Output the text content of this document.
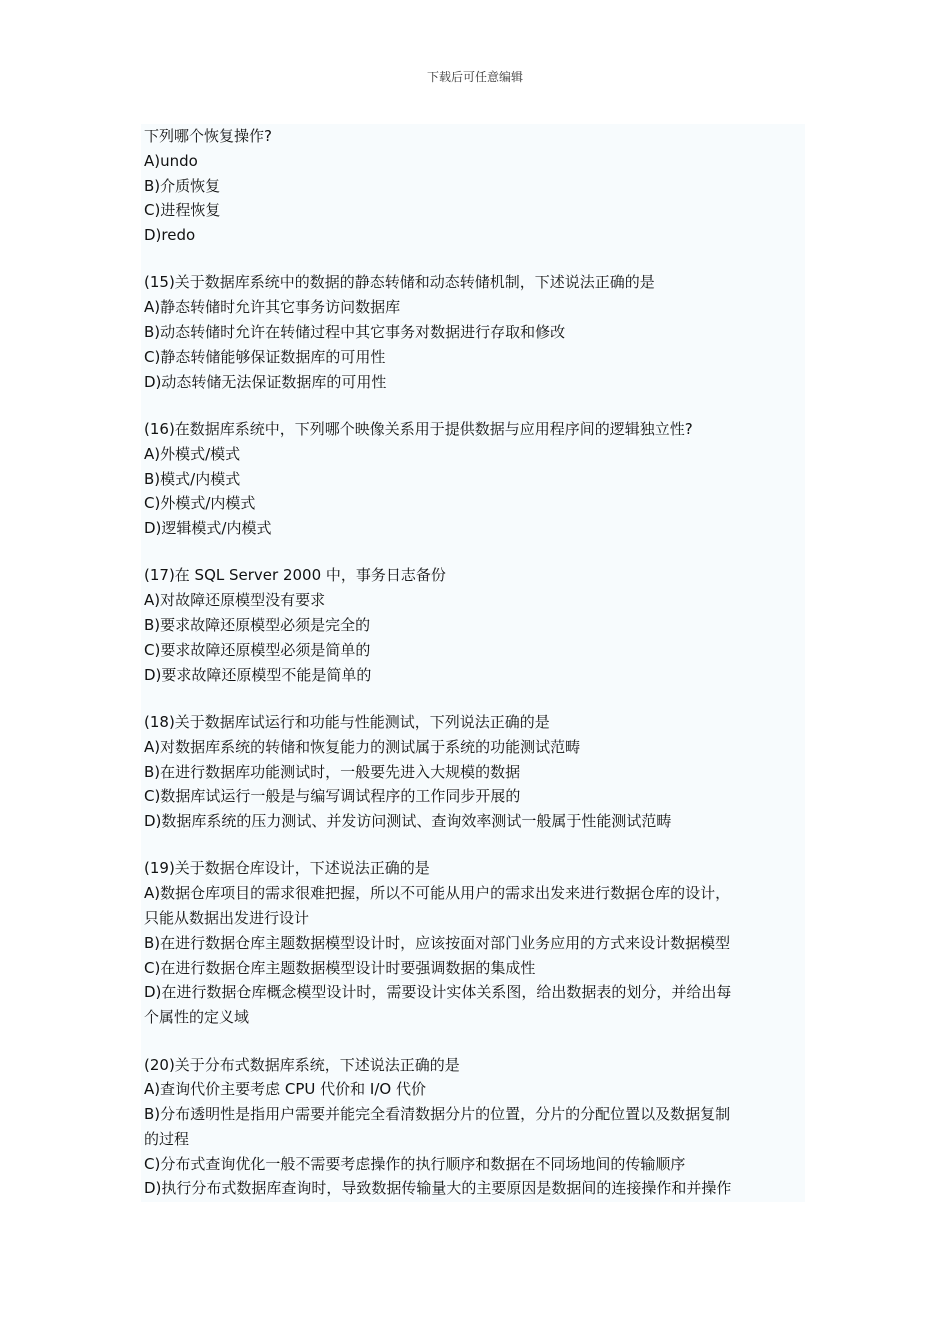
下载后可任意编辑
下列哪个恢复操作?
A)undo
B)介质恢复
C)进程恢复
D)redo
(15)关于数据库系统中的数据的静态转储和动态转储机制，下述说法正确的是
A)静态转储时允许其它事务访问数据库
B)动态转储时允许在转储过程中其它事务对数据进行存取和修改
C)静态转储能够保证数据库的可用性
D)动态转储无法保证数据库的可用性
(16)在数据库系统中，下列哪个映像关系用于提供数据与应用程序间的逻辑独立性?
A)外模式/模式
B)模式/内模式
C)外模式/内模式
D)逻辑模式/内模式
(17)在 SQL Server 2000 中，事务日志备份
A)对故障还原模型没有要求
B)要求故障还原模型必须是完全的
C)要求故障还原模型必须是简单的
D)要求故障还原模型不能是简单的
(18)关于数据库试运行和功能与性能测试，下列说法正确的是
A)对数据库系统的转储和恢复能力的测试属于系统的功能测试范畴
B)在进行数据库功能测试时，一般要先进入大规模的数据
C)数据库试运行一般是与编写调试程序的工作同步开展的
D)数据库系统的压力测试、并发访问测试、查询效率测试一般属于性能测试范畴
(19)关于数据仓库设计，下述说法正确的是
A)数据仓库项目的需求很难把握，所以不可能从用户的需求出发来进行数据仓库的设计，
只能从数据出发进行设计
B)在进行数据仓库主题数据模型设计时，应该按面对部门业务应用的方式来设计数据模型
C)在进行数据仓库主题数据模型设计时要强调数据的集成性
D)在进行数据仓库概念模型设计时，需要设计实体关系图，给出数据表的划分，并给出每
个属性的定义域
(20)关于分布式数据库系统，下述说法正确的是
A)查询代价主要考虑 CPU 代价和 I/O 代价
B)分布透明性是指用户需要并能完全看清数据分片的位置，分片的分配位置以及数据复制
的过程
C)分布式查询优化一般不需要考虑操作的执行顺序和数据在不同场地间的传输顺序
D)执行分布式数据库查询时，导致数据传输量大的主要原因是数据间的连接操作和并操作
